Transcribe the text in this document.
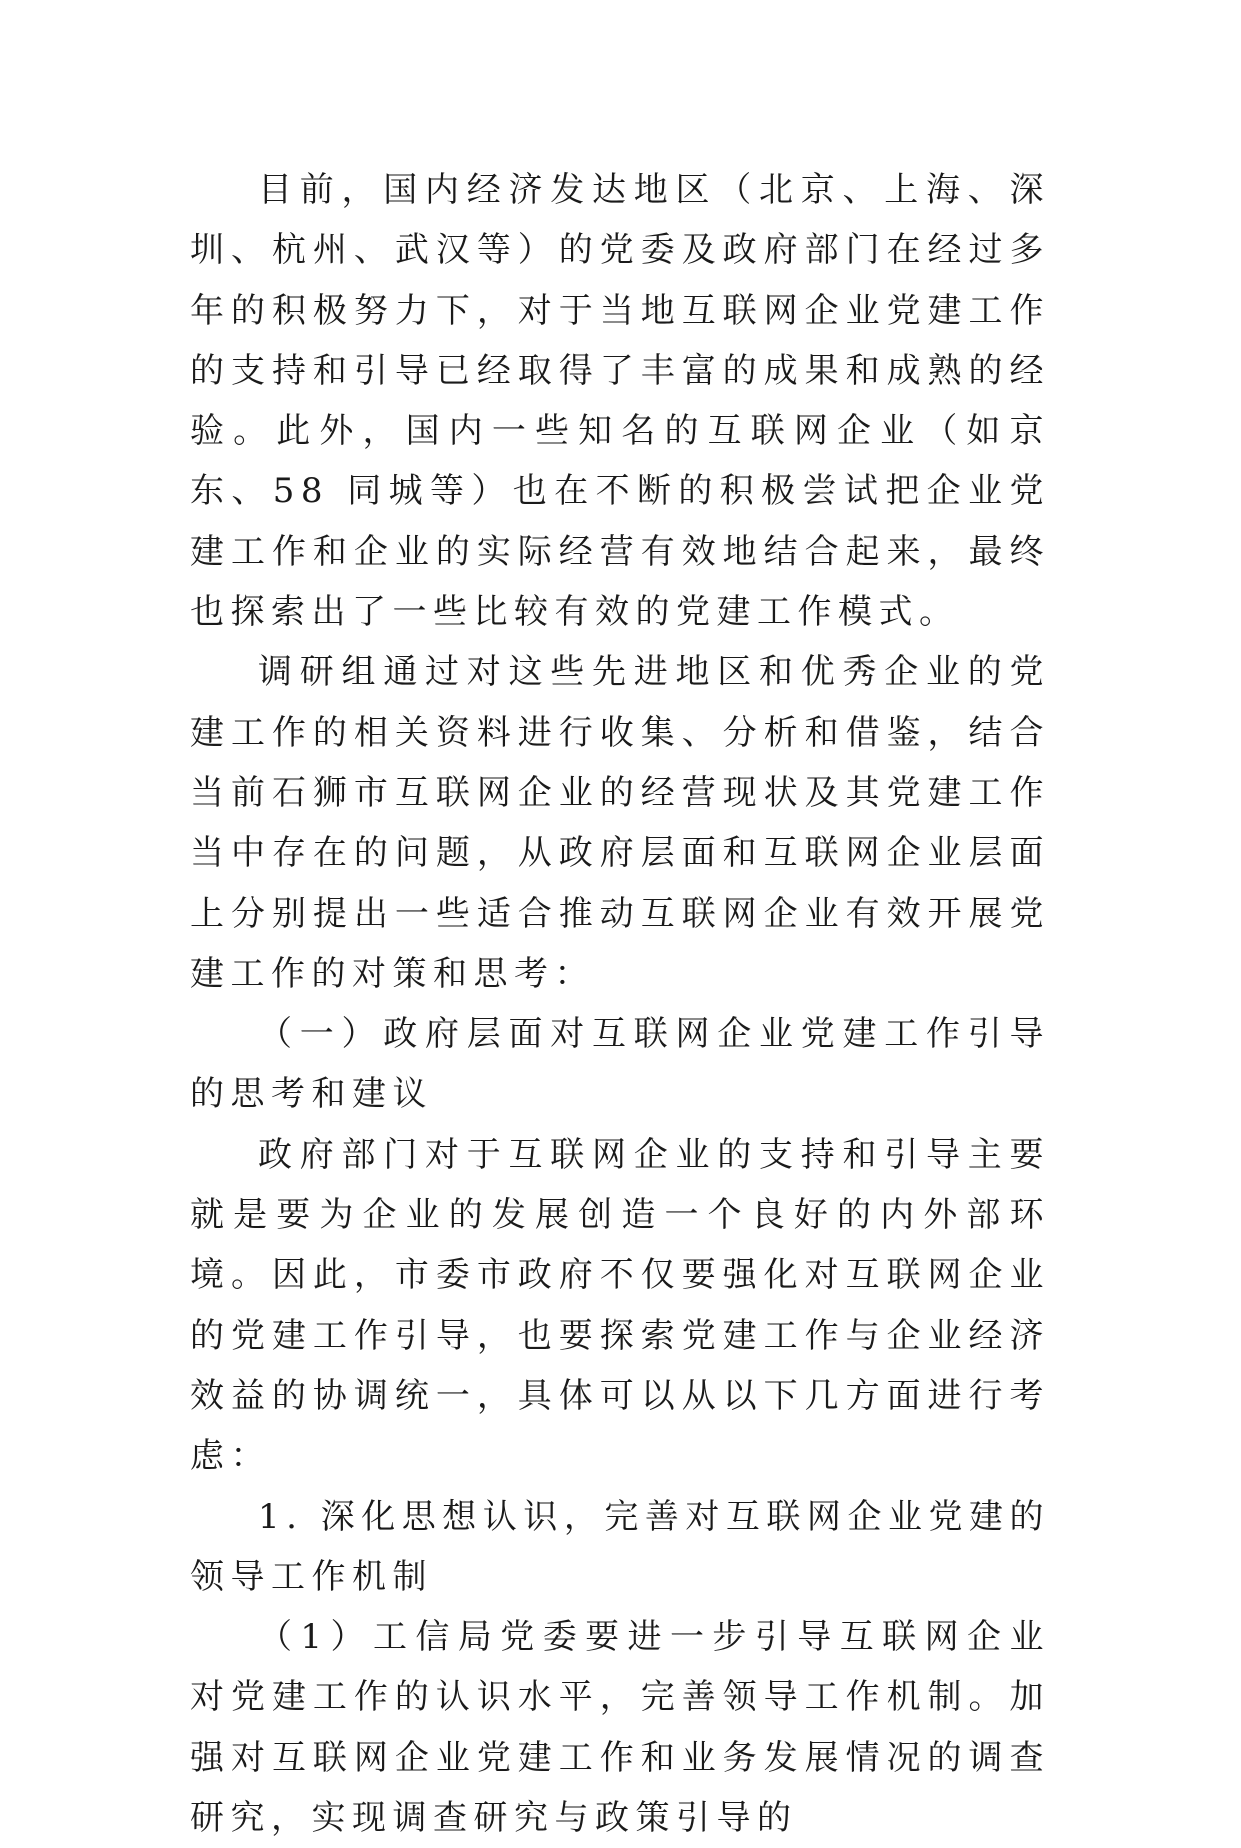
目前，国内经济发达地区（北京、上海、深圳、杭州、武汉等）的党委及政府部门在经过多年的积极努力下，对于当地互联网企业党建工作的支持和引导已经取得了丰富的成果和成熟的经验。此外，国内一些知名的互联网企业（如京东、58 同城等）也在不断的积极尝试把企业党建工作和企业的实际经营有效地结合起来，最终也探索出了一些比较有效的党建工作模式。

调研组通过对这些先进地区和优秀企业的党建工作的相关资料进行收集、分析和借鉴，结合当前石狮市互联网企业的经营现状及其党建工作当中存在的问题，从政府层面和互联网企业层面上分别提出一些适合推动互联网企业有效开展党建工作的对策和思考：

（一）政府层面对互联网企业党建工作引导的思考和建议

政府部门对于互联网企业的支持和引导主要就是要为企业的发展创造一个良好的内外部环境。因此，市委市政府不仅要强化对互联网企业的党建工作引导，也要探索党建工作与企业经济效益的协调统一，具体可以从以下几方面进行考虑：

1. 深化思想认识，完善对互联网企业党建的领导工作机制

（1）工信局党委要进一步引导互联网企业对党建工作的认识水平，完善领导工作机制。加强对互联网企业党建工作和业务发展情况的调查研究，实现调查研究与政策引导的
